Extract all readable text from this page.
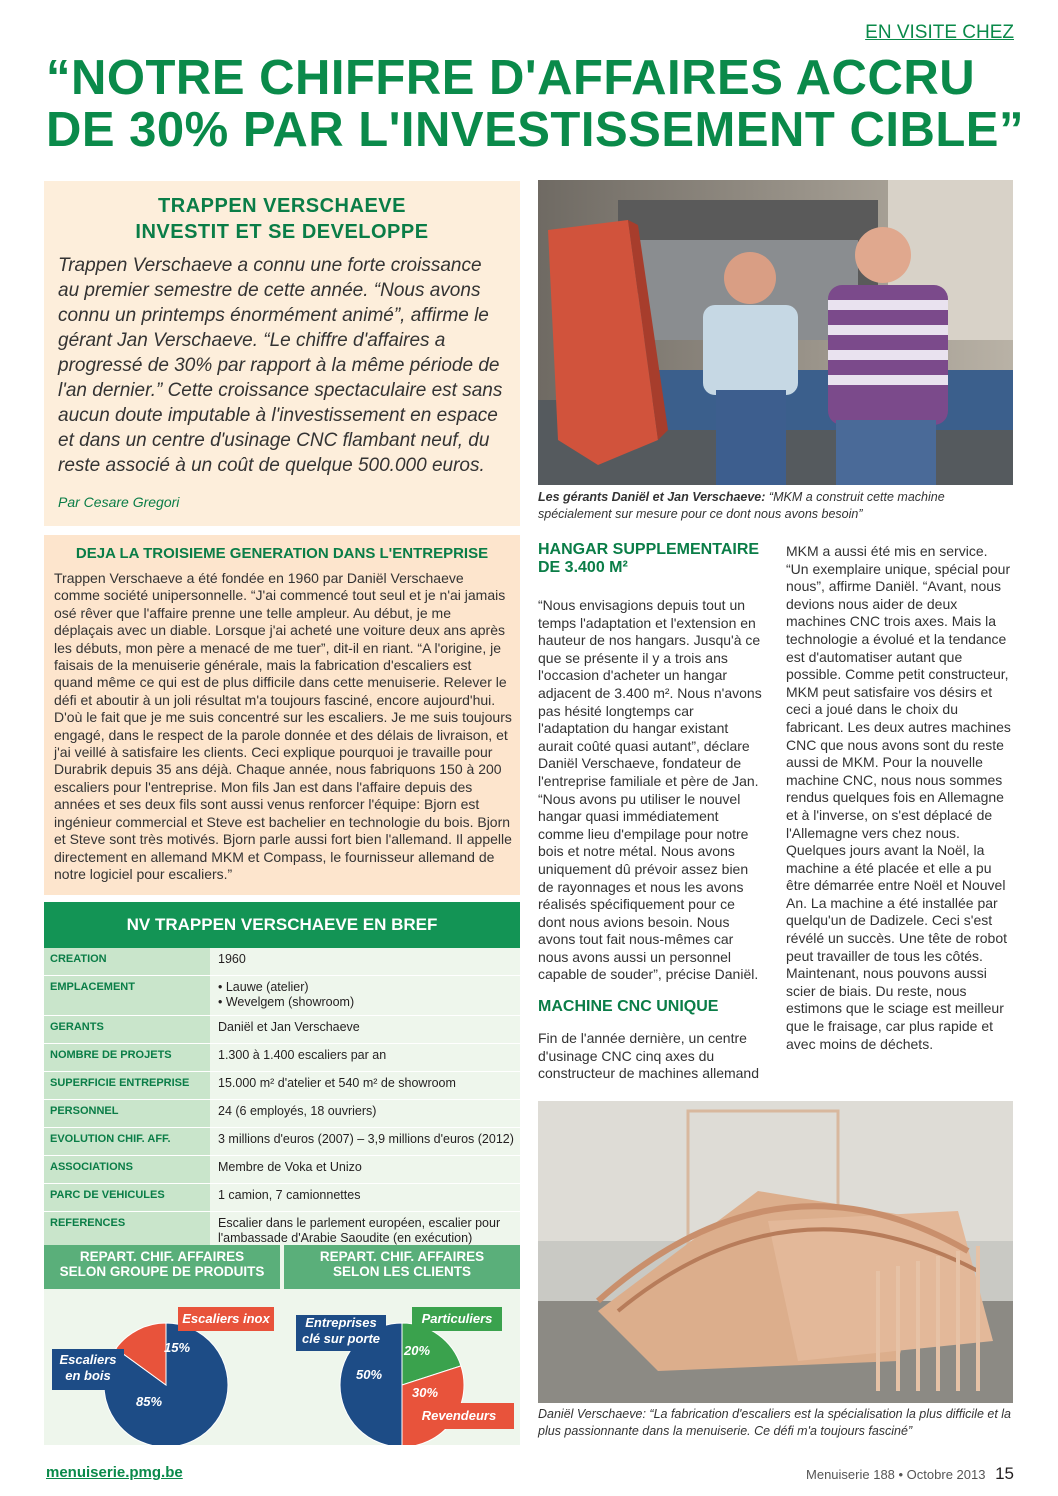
EN VISITE CHEZ
“NOTRE CHIFFRE D'AFFAIRES ACCRU
DE 30% PAR L'INVESTISSEMENT CIBLE”
TRAPPEN VERSCHAEVE
INVESTIT ET SE DEVELOPPE
Trappen Verschaeve a connu une forte croissance au premier semestre de cette année. “Nous avons connu un printemps énormément animé”, affirme le gérant Jan Verschaeve. “Le chiffre d'affaires a progressé de 30% par rapport à la même période de l'an dernier.” Cette croissance spectaculaire est sans aucun doute imputable à l'investissement en espace et dans un centre d'usinage CNC flambant neuf, du reste associé à un coût de quelque 500.000 euros.
Par Cesare Gregori	Les gérants Daniël et Jan Verschaeve: “MKM a construit cette machine spécialement sur mesure pour ce dont nous avons besoin”
DEJA LA TROISIEME GENERATION DANS L'ENTREPRISE
Trappen Verschaeve a été fondée en 1960 par Daniël Verschaeve comme société unipersonnelle. “J'ai commencé tout seul et je n'ai jamais osé rêver que l'affaire prenne une telle ampleur. Au début, je me déplaçais avec un diable. Lorsque j'ai acheté une voiture deux ans après les débuts, mon père a menacé de me tuer”, dit-il en riant. “A l'origine, je faisais de la menuiserie générale, mais la fabrication d'escaliers est quand même ce qui est de plus difficile dans cette menuiserie. Relever le défi et aboutir à un joli résultat m'a toujours fasciné, encore aujourd'hui. D'où le fait que je me suis concentré sur les escaliers. Je me suis toujours engagé, dans le respect de la parole donnée et des délais de livraison, et j'ai veillé à satisfaire les clients. Ceci explique pourquoi je travaille pour Durabrik depuis 35 ans déjà. Chaque année, nous fabriquons 150 à 200 escaliers pour l'entreprise. Mon fils Jan est dans l'affaire depuis des années et ses deux fils sont aussi venus renforcer l'équipe: Bjorn est ingénieur commercial et Steve est bachelier en technologie du bois. Bjorn et Steve sont très motivés. Bjorn parle aussi fort bien l'allemand. Il appelle directement en allemand MKM et Compass, le fournisseur allemand de notre logiciel pour escaliers.”
HANGAR SUPPLEMENTAIRE DE 3.400 M²
“Nous envisagions depuis tout un temps l'adaptation et l'extension en hauteur de nos hangars. Jusqu'à ce que se présente il y a trois ans l'occasion d'acheter un hangar adjacent de 3.400 m². Nous n'avons pas hésité longtemps car l'adaptation du hangar existant aurait coûté quasi autant”, déclare Daniël Verschaeve, fondateur de l'entreprise familiale et père de Jan. “Nous avons pu utiliser le nouvel hangar quasi immédiatement comme lieu d'empilage pour notre bois et notre métal. Nous avons uniquement dû prévoir assez bien de rayonnages et nous les avons réalisés spécifiquement pour ce dont nous avions besoin. Nous avons tout fait nous-mêmes car nous avons aussi un personnel capable de souder”, précise Daniël.
MACHINE CNC UNIQUE
Fin de l'année dernière, un centre d'usinage CNC cinq axes du constructeur de machines allemand
MKM a aussi été mis en service. “Un exemplaire unique, spécial pour nous”, affirme Daniël. “Avant, nous devions nous aider de deux machines CNC trois axes. Mais la technologie a évolué et la tendance est d'automatiser autant que possible. Comme petit constructeur, MKM peut satisfaire vos désirs et ceci a joué dans le choix du fabricant. Les deux autres machines CNC que nous avons sont du reste aussi de MKM. Pour la nouvelle machine CNC, nous nous sommes rendus quelques fois en Allemagne et à l'inverse, on s'est déplacé de l'Allemagne vers chez nous. Quelques jours avant la Noël, la machine a été placée et elle a pu être démarrée entre Noël et Nouvel An. La machine a été installée par quelqu'un de Dadizele. Ceci s'est révélé un succès. Une tête de robot peut travailler de tous les côtés. Maintenant, nous pouvons aussi scier de biais. Du reste, nous estimons que le sciage est meilleur que le fraisage, car plus rapide et avec moins de déchets.
NV TRAPPEN VERSCHAEVE EN BREF
CREATION	1960
EMPLACEMENT	• Lauwe (atelier)
• Wevelgem (showroom)
GERANTS	Daniël et Jan Verschaeve
NOMBRE DE PROJETS	1.300 à 1.400 escaliers par an
SUPERFICIE ENTREPRISE	15.000 m² d'atelier et 540 m² de showroom
PERSONNEL	24 (6 employés, 18 ouvriers)
EVOLUTION CHIF. AFF.	3 millions d'euros (2007) – 3,9 millions d'euros (2012)
ASSOCIATIONS	Membre de Voka et Unizo
PARC DE VEHICULES	1 camion, 7 camionnettes
REFERENCES	Escalier dans le parlement européen, escalier pour l'ambassade d'Arabie Saoudite (en exécution)
REPART. CHIF. AFFAIRES
SELON GROUPE DE PRODUITS
REPART. CHIF. AFFAIRES
SELON LES CLIENTS
Escaliers inox
Escaliers en bois
15%
85%
Entreprises clé sur porte
Particuliers
Revendeurs
50%
20%
30%
Daniël Verschaeve: “La fabrication d'escaliers est la spécialisation la plus difficile et la plus passionnante dans la menuiserie. Ce défi m'a toujours fasciné”
menuiserie.pmg.be	Menuiserie 188 • Octobre 2013 15
